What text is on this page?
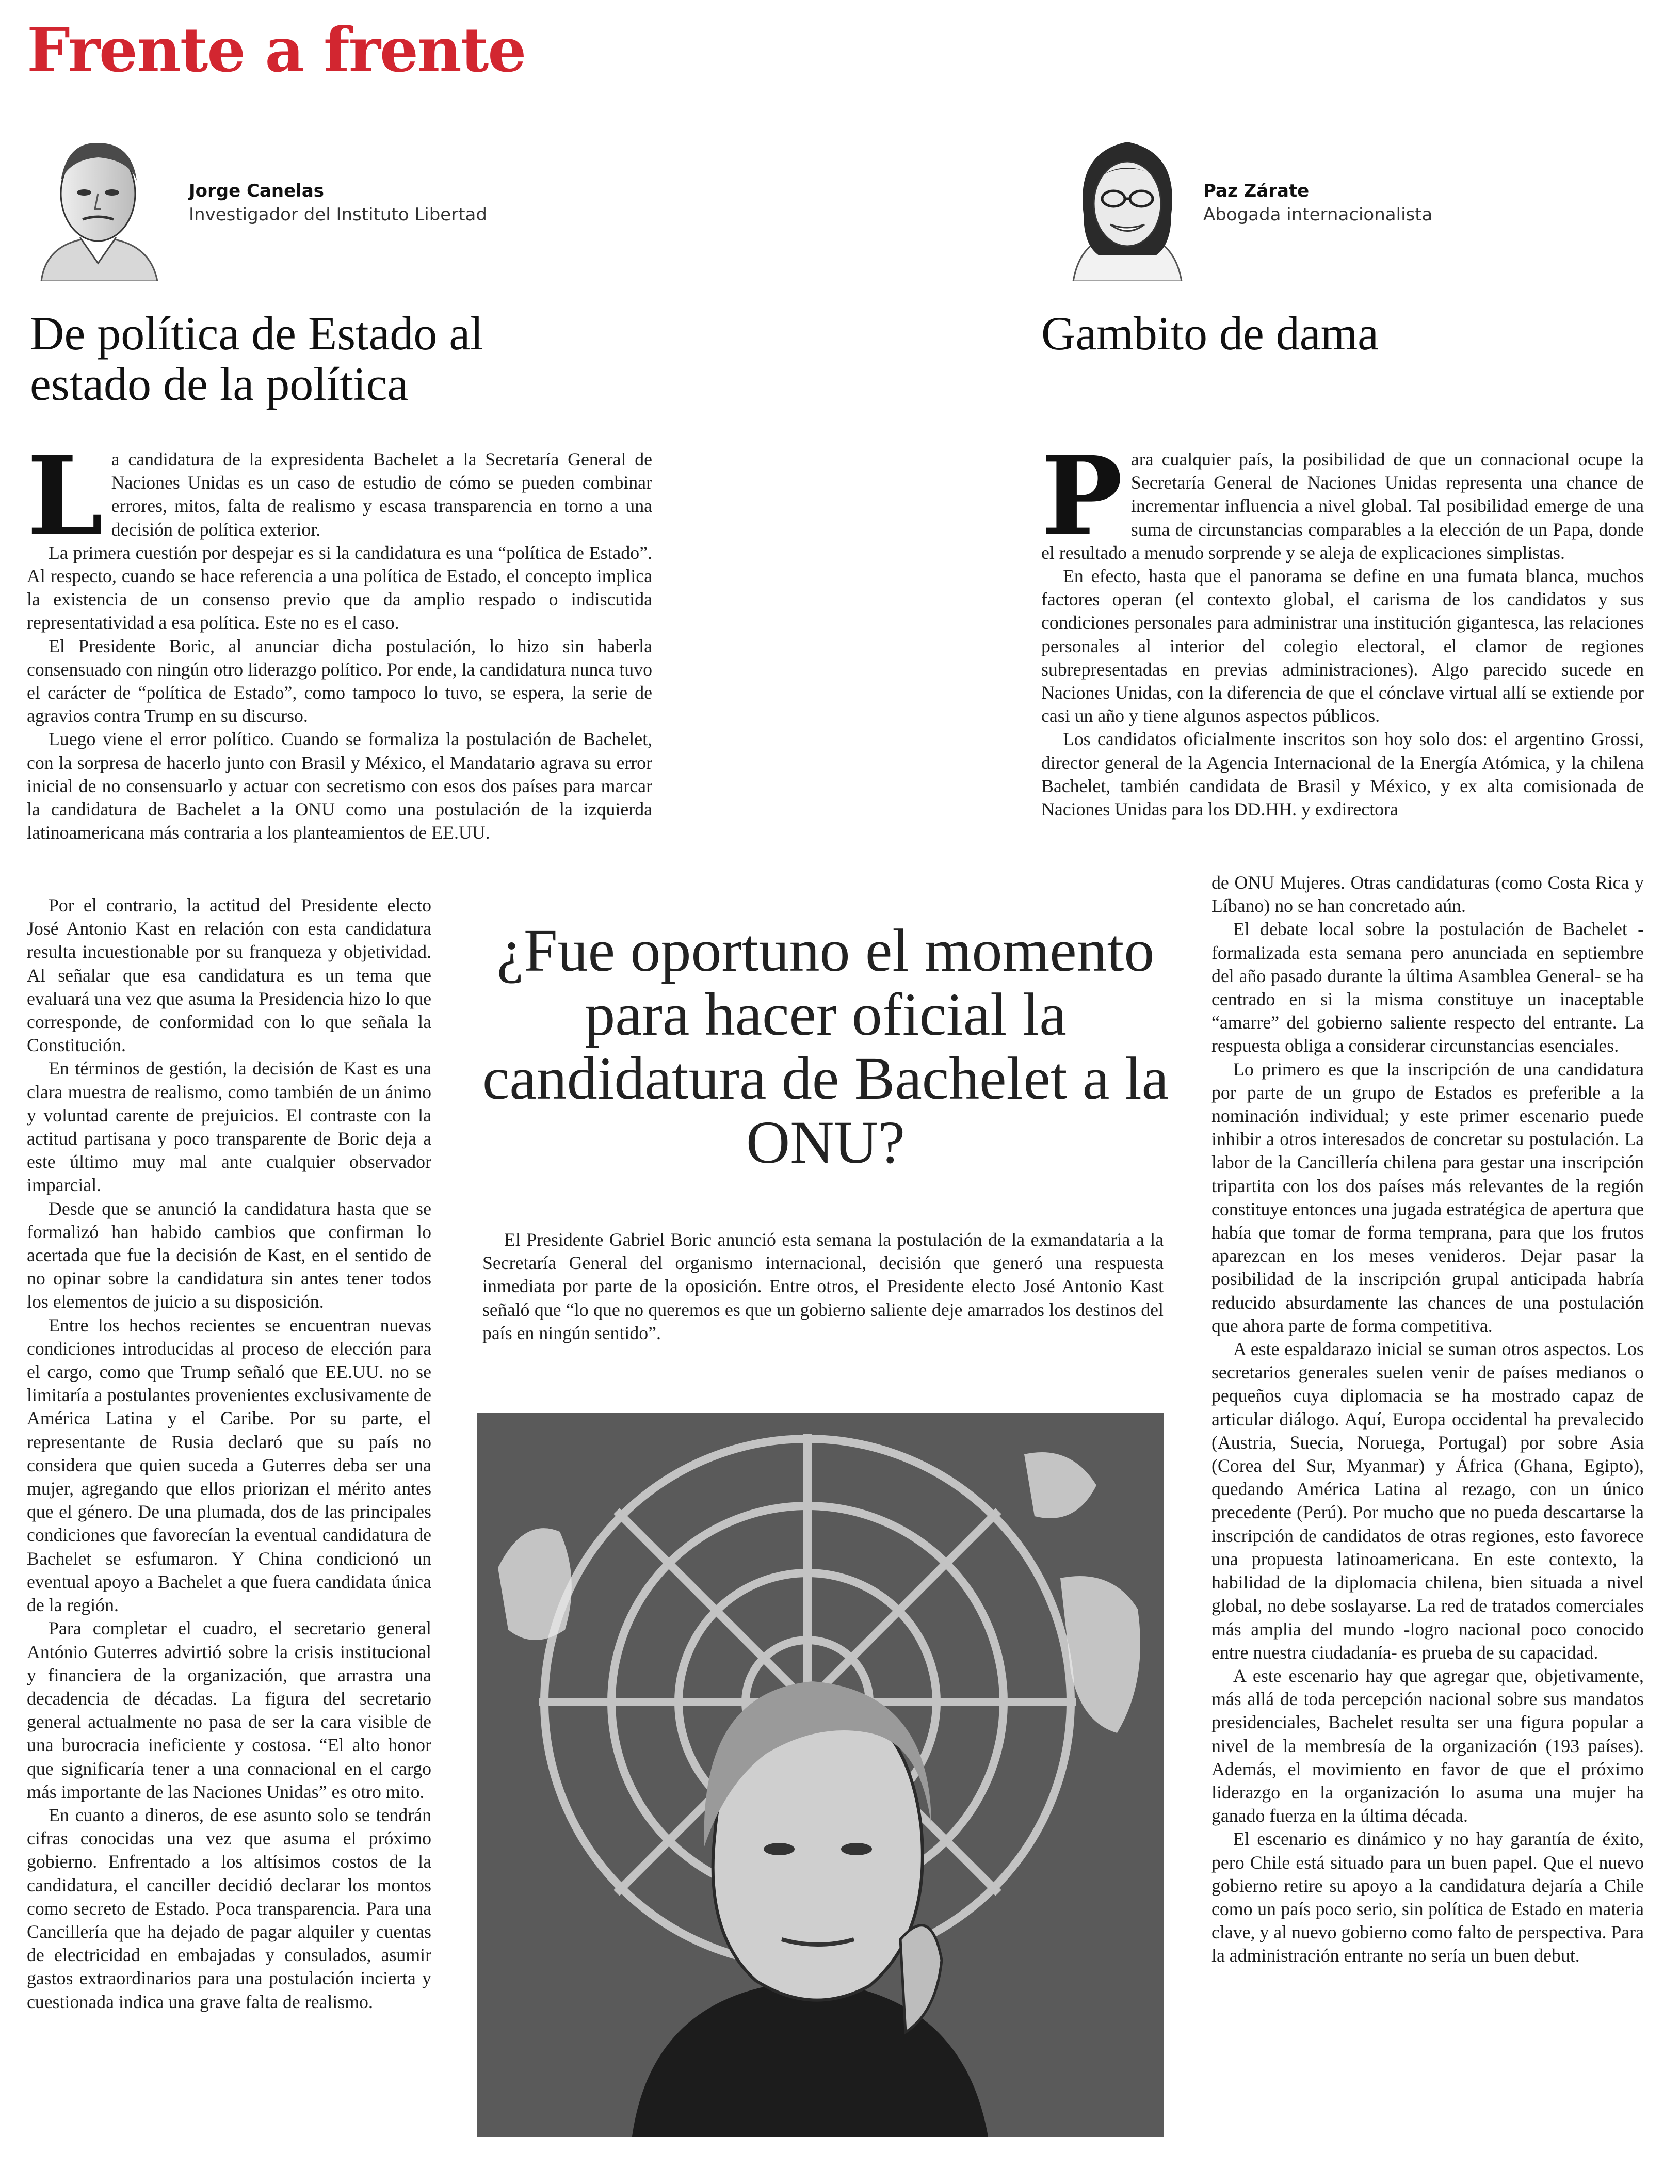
Frente a frente
Jorge Canelas
Investigador del Instituto Libertad
Paz Zárate
Abogada internacionalista
De política de Estado al estado de la política
Gambito de dama
L a candidatura de la expresidenta Bachelet a la Secretaría General de Naciones Unidas es un caso de estudio de cómo se pueden combinar errores, mitos, falta de realismo y escasa transparencia en torno a una decisión de política exterior.

La primera cuestión por despejar es si la candidatura es una “política de Estado”. Al respecto, cuando se hace referencia a una política de Estado, el concepto implica la existencia de un consenso previo que da amplio respado o indiscutida representatividad a esa política. Este no es el caso.

El Presidente Boric, al anunciar dicha postulación, lo hizo sin haberla consensuado con ningún otro liderazgo político. Por ende, la candidatura nunca tuvo el carácter de “política de Estado”, como tampoco lo tuvo, se espera, la serie de agravios contra Trump en su discurso.

Luego viene el error político. Cuando se formaliza la postulación de Bachelet, con la sorpresa de hacerlo junto con Brasil y México, el Mandatario agrava su error inicial de no consensuarlo y actuar con secretismo con esos dos países para marcar la candidatura de Bachelet a la ONU como una postulación de la izquierda latinoamericana más contraria a los planteamientos de EE.UU.

Por el contrario, la actitud del Presidente electo José Antonio Kast en relación con esta candidatura resulta incuestionable por su franqueza y objetividad. Al señalar que esa candidatura es un tema que evaluará una vez que asuma la Presidencia hizo lo que corresponde, de conformidad con lo que señala la Constitución.

En términos de gestión, la decisión de Kast es una clara muestra de realismo, como también de un ánimo y voluntad carente de prejuicios. El contraste con la actitud partisana y poco transparente de Boric deja a este último muy mal ante cualquier observador imparcial.

Desde que se anunció la candidatura hasta que se formalizó han habido cambios que confirman lo acertada que fue la decisión de Kast, en el sentido de no opinar sobre la candidatura sin antes tener todos los elementos de juicio a su disposición.

Entre los hechos recientes se encuentran nuevas condiciones introducidas al proceso de elección para el cargo, como que Trump señaló que EE.UU. no se limitaría a postulantes provenientes exclusivamente de América Latina y el Caribe. Por su parte, el representante de Rusia declaró que su país no considera que quien suceda a Guterres deba ser una mujer, agregando que ellos priorizan el mérito antes que el género. De una plumada, dos de las principales condiciones que favorecían la eventual candidatura de Bachelet se esfumaron. Y China condicionó un eventual apoyo a Bachelet a que fuera candidata única de la región.

Para completar el cuadro, el secretario general António Guterres advirtió sobre la crisis institucional y financiera de la organización, que arrastra una decadencia de décadas. La figura del secretario general actualmente no pasa de ser la cara visible de una burocracia ineficiente y costosa. “El alto honor que significaría tener a una connacional en el cargo más importante de las Naciones Unidas” es otro mito.

En cuanto a dineros, de ese asunto solo se tendrán cifras conocidas una vez que asuma el próximo gobierno. Enfrentado a los altísimos costos de la candidatura, el canciller decidió declarar los montos como secreto de Estado. Poca transparencia. Para una Cancillería que ha dejado de pagar alquiler y cuentas de electricidad en embajadas y consulados, asumir gastos extraordinarios para una postulación incierta y cuestionada indica una grave falta de realismo.

P ara cualquier país, la posibilidad de que un connacional ocupe la Secretaría General de Naciones Unidas representa una chance de incrementar influencia a nivel global. Tal posibilidad emerge de una suma de circunstancias comparables a la elección de un Papa, donde el resultado a menudo sorprende y se aleja de explicaciones simplistas.

En efecto, hasta que el panorama se define en una fumata blanca, muchos factores operan (el contexto global, el carisma de los candidatos y sus condiciones personales para administrar una institución gigantesca, las relaciones personales al interior del colegio electoral, el clamor de regiones subrepresentadas en previas administraciones). Algo parecido sucede en Naciones Unidas, con la diferencia de que el cónclave virtual allí se extiende por casi un año y tiene algunos aspectos públicos.

Los candidatos oficialmente inscritos son hoy solo dos: el argentino Grossi, director general de la Agencia Internacional de la Energía Atómica, y la chilena Bachelet, también candidata de Brasil y México, y ex alta comisionada de Naciones Unidas para los DD.HH. y exdirectora

de ONU Mujeres. Otras candidaturas (como Costa Rica y Líbano) no se han concretado aún.

El debate local sobre la postulación de Bachelet -formalizada esta semana pero anunciada en septiembre del año pasado durante la última Asamblea General- se ha centrado en si la misma constituye un inaceptable “amarre” del gobierno saliente respecto del entrante. La respuesta obliga a considerar circunstancias esenciales.

Lo primero es que la inscripción de una candidatura por parte de un grupo de Estados es preferible a la nominación individual; y este primer escenario puede inhibir a otros interesados de concretar su postulación. La labor de la Cancillería chilena para gestar una inscripción tripartita con los dos países más relevantes de la región constituye entonces una jugada estratégica de apertura que había que tomar de forma temprana, para que los frutos aparezcan en los meses venideros. Dejar pasar la posibilidad de la inscripción grupal anticipada habría reducido absurdamente las chances de una postulación que ahora parte de forma competitiva.

A este espaldarazo inicial se suman otros aspectos. Los secretarios generales suelen venir de países medianos o pequeños cuya diplomacia se ha mostrado capaz de articular diálogo. Aquí, Europa occidental ha prevalecido (Austria, Suecia, Noruega, Portugal) por sobre Asia (Corea del Sur, Myanmar) y África (Ghana, Egipto), quedando América Latina al rezago, con un único precedente (Perú). Por mucho que no pueda descartarse la inscripción de candidatos de otras regiones, esto favorece una propuesta latinoamericana. En este contexto, la habilidad de la diplomacia chilena, bien situada a nivel global, no debe soslayarse. La red de tratados comerciales más amplia del mundo -logro nacional poco conocido entre nuestra ciudadanía- es prueba de su capacidad.

A este escenario hay que agregar que, objetivamente, más allá de toda percepción nacional sobre sus mandatos presidenciales, Bachelet resulta ser una figura popular a nivel de la membresía de la organización (193 países). Además, el movimiento en favor de que el próximo liderazgo en la organización lo asuma una mujer ha ganado fuerza en la última década.

El escenario es dinámico y no hay garantía de éxito, pero Chile está situado para un buen papel. Que el nuevo gobierno retire su apoyo a la candidatura dejaría a Chile como un país poco serio, sin política de Estado en materia clave, y al nuevo gobierno como falto de perspectiva. Para la administración entrante no sería un buen debut.

¿Fue oportuno el momento para hacer oficial la candidatura de Bachelet a la ONU?

El Presidente Gabriel Boric anunció esta semana la postulación de la exmandataria a la Secretaría General del organismo internacional, decisión que generó una respuesta inmediata por parte de la oposición. Entre otros, el Presidente electo José Antonio Kast señaló que “lo que no queremos es que un gobierno saliente deje amarrados los destinos del país en ningún sentido”.
